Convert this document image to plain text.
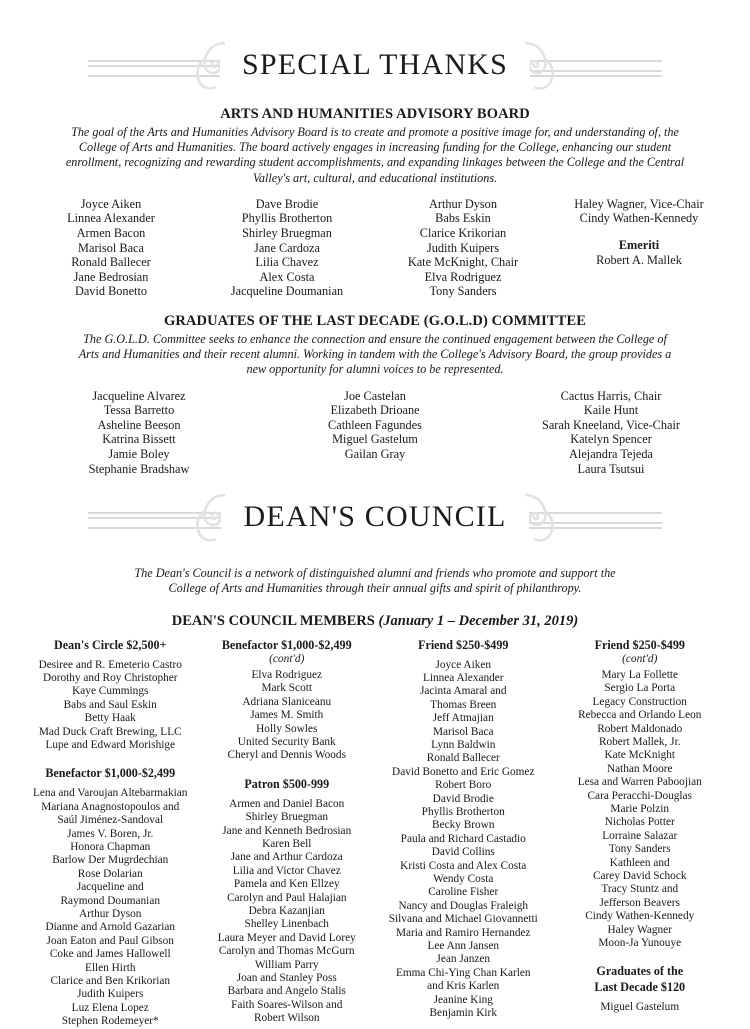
SPECIAL THANKS
ARTS AND HUMANITIES ADVISORY BOARD
The goal of the Arts and Humanities Advisory Board is to create and promote a positive image for, and understanding of, the College of Arts and Humanities. The board actively engages in increasing funding for the College, enhancing our student enrollment, recognizing and rewarding student accomplishments, and expanding linkages between the College and the Central Valley's art, cultural, and educational institutions.
Joyce Aiken
Linnea Alexander
Armen Bacon
Marisol Baca
Ronald Ballecer
Jane Bedrosian
David Bonetto
Dave Brodie
Phyllis Brotherton
Shirley Bruegman
Jane Cardoza
Lilia Chavez
Alex Costa
Jacqueline Doumanian
Arthur Dyson
Babs Eskin
Clarice Krikorian
Judith Kuipers
Kate McKnight, Chair
Elva Rodriguez
Tony Sanders
Haley Wagner, Vice-Chair
Cindy Wathen-Kennedy
Emeriti
Robert A. Mallek
GRADUATES OF THE LAST DECADE (G.O.L.D) COMMITTEE
The G.O.L.D. Committee seeks to enhance the connection and ensure the continued engagement between the College of Arts and Humanities and their recent alumni. Working in tandem with the College's Advisory Board, the group provides a new opportunity for alumni voices to be represented.
Jacqueline Alvarez
Tessa Barretto
Asheline Beeson
Katrina Bissett
Jamie Boley
Stephanie Bradshaw
Joe Castelan
Elizabeth Drioane
Cathleen Fagundes
Miguel Gastelum
Gailan Gray
Cactus Harris, Chair
Kaile Hunt
Sarah Kneeland, Vice-Chair
Katelyn Spencer
Alejandra Tejeda
Laura Tsutsui
DEAN'S COUNCIL
The Dean's Council is a network of distinguished alumni and friends who promote and support the College of Arts and Humanities through their annual gifts and spirit of philanthropy.
DEAN'S COUNCIL MEMBERS (January 1 – December 31, 2019)
Dean's Circle $2,500+
Desiree and R. Emeterio Castro
Dorothy and Roy Christopher
Kaye Cummings
Babs and Saul Eskin
Betty Haak
Mad Duck Craft Brewing, LLC
Lupe and Edward Morishige
Benefactor $1,000-$2,499
Lena and Varoujan Altebarmakian
Mariana Anagnostopoulos and
Saúl Jiménez-Sandoval
James V. Boren, Jr.
Honora Chapman
Barlow Der Mugrdechian
Rose Dolarian
Jacqueline and
Raymond Doumanian
Arthur Dyson
Dianne and Arnold Gazarian
Joan Eaton and Paul Gibson
Coke and James Hallowell
Ellen Hirth
Clarice and Ben Krikorian
Judith Kuipers
Luz Elena Lopez
Stephen Rodemeyer*
Benefactor $1,000-$2,499
(cont'd)
Elva Rodriguez
Mark Scott
Adriana Slaniceanu
James M. Smith
Holly Sowles
United Security Bank
Cheryl and Dennis Woods
Patron $500-999
Armen and Daniel Bacon
Shirley Bruegman
Jane and Kenneth Bedrosian
Karen Bell
Jane and Arthur Cardoza
Lilia and Victor Chavez
Pamela and Ken Ellzey
Carolyn and Paul Halajian
Debra Kazanjian
Shelley Linenbach
Laura Meyer and David Lorey
Carolyn and Thomas McGurn
William Parry
Joan and Stanley Poss
Barbara and Angelo Stalis
Faith Soares-Wilson and
Robert Wilson
Friend $250-$499
Joyce Aiken
Linnea Alexander
Jacinta Amaral and
Thomas Breen
Jeff Atmajian
Marisol Baca
Lynn Baldwin
Ronald Ballecer
David Bonetto and Eric Gomez
Robert Boro
David Brodie
Phyllis Brotherton
Becky Brown
Paula and Richard Castadio
David Collins
Kristi Costa and Alex Costa
Wendy Costa
Caroline Fisher
Nancy and Douglas Fraleigh
Silvana and Michael Giovannetti
Maria and Ramiro Hernandez
Lee Ann Jansen
Jean Janzen
Emma Chi-Ying Chan Karlen
and Kris Karlen
Jeanine King
Benjamin Kirk
Friend $250-$499
(cont'd)
Mary La Follette
Sergio La Porta
Legacy Construction
Rebecca and Orlando Leon
Robert Maldonado
Robert Mallek, Jr.
Kate McKnight
Nathan Moore
Lesa and Warren Paboojian
Cara Peracchi-Douglas
Marie Polzin
Nicholas Potter
Lorraine Salazar
Tony Sanders
Kathleen and
Carey David Schock
Tracy Stuntz and
Jefferson Beavers
Cindy Wathen-Kennedy
Haley Wagner
Moon-Ja Yunouye
Graduates of the
Last Decade $120
Miguel Gastelum
